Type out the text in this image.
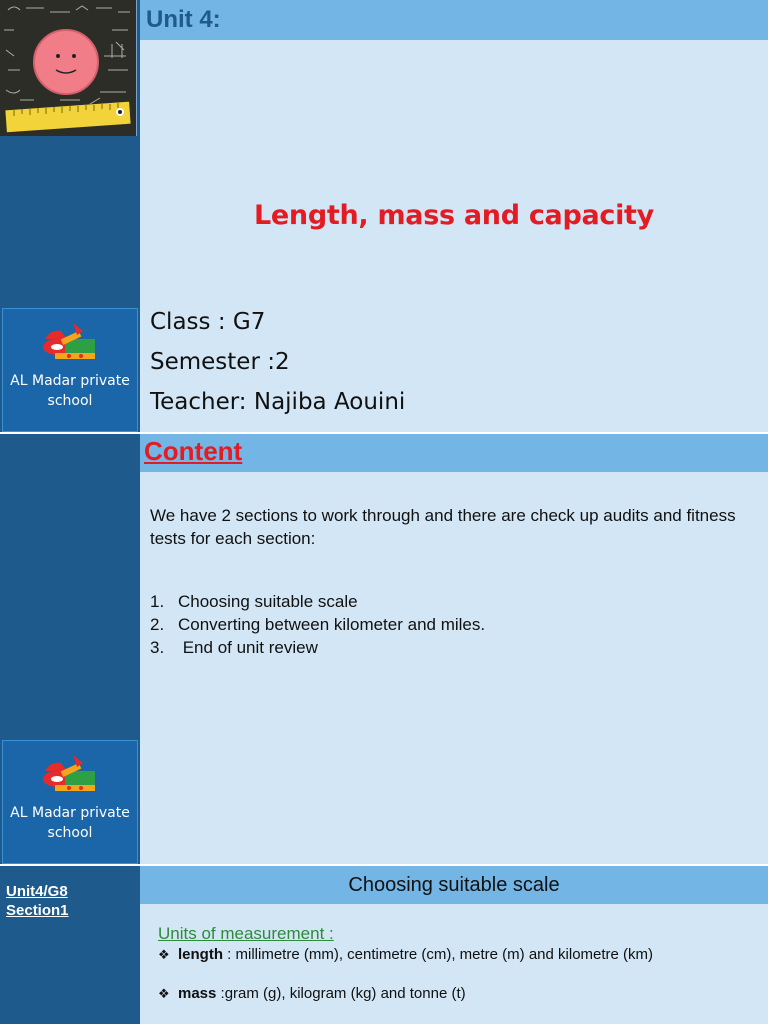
Unit 4:
Length, mass and capacity
Class : G7
Semester :2
Teacher: Najiba Aouini
AL Madar private
school
We have 2 sections to work through and there are check up audits and fitness tests for each section:
1. Choosing suitable scale
2. Converting between kilometer and miles.
3. End of unit review
Content
AL Madar private
school
Unit4/G8
Section1
Units of measurement :
❖ length : millimetre (mm), centimetre (cm), metre (m) and kilometre (km)
❖ mass :gram (g), kilogram (kg) and tonne (t)
Choosing suitable scale
